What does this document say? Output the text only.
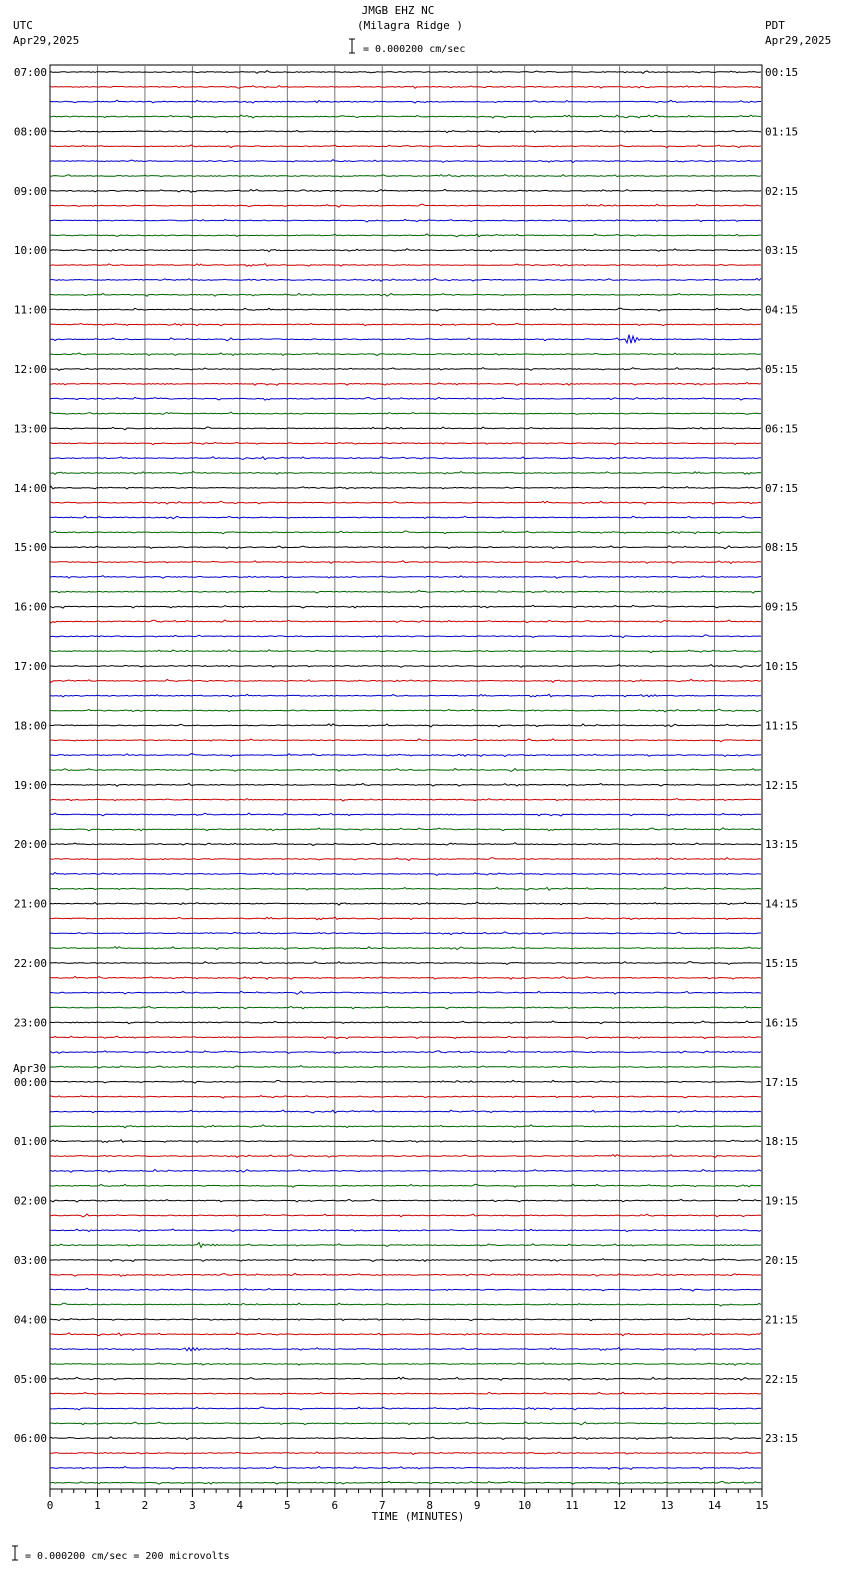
JMGB EHZ NC
(Milagra Ridge )
= 0.000200 cm/sec
UTC
Apr29,2025
PDT
Apr29,2025
07:00
08:00
09:00
10:00
11:00
12:00
13:00
14:00
15:00
16:00
17:00
18:00
19:00
20:00
21:00
22:00
23:00
00:00
Apr30
01:00
02:00
03:00
04:00
05:00
06:00
00:15
01:15
02:15
03:15
04:15
05:15
06:15
07:15
08:15
09:15
10:15
11:15
12:15
13:15
14:15
15:15
16:15
17:15
18:15
19:15
20:15
21:15
22:15
23:15
0	1	2	3	4	5	6	7	8	9	10	11	12	13	14	15
TIME (MINUTES)
= 0.000200 cm/sec = 200 microvolts
